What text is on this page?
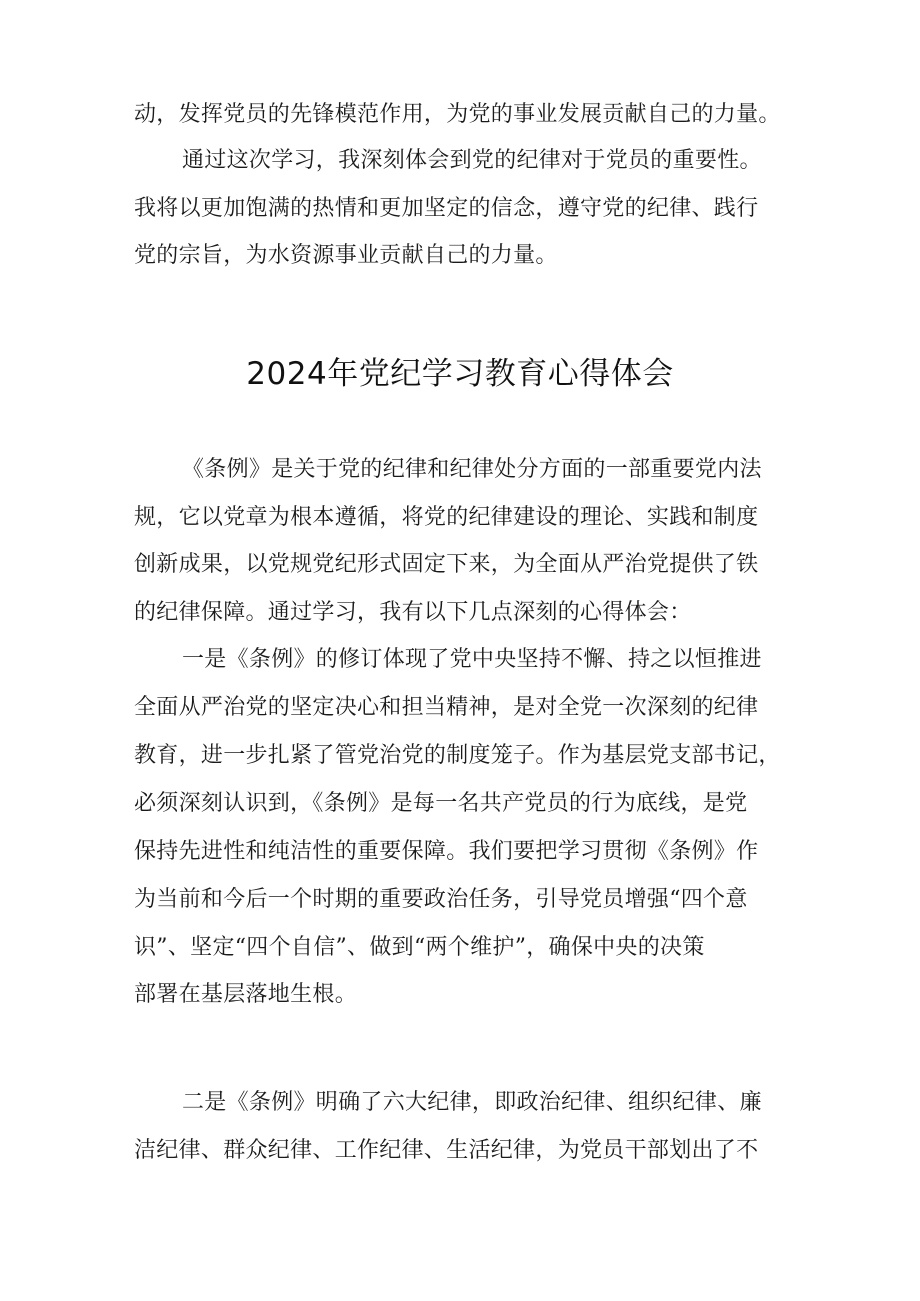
动，发挥党员的先锋模范作用，为党的事业发展贡献自己的力量。
通过这次学习，我深刻体会到党的纪律对于党员的重要性。
我将以更加饱满的热情和更加坚定的信念，遵守党的纪律、践行
党的宗旨，为水资源事业贡献自己的力量。
2024年党纪学习教育心得体会
《条例》是关于党的纪律和纪律处分方面的一部重要党内法
规，它以党章为根本遵循，将党的纪律建设的理论、实践和制度
创新成果，以党规党纪形式固定下来，为全面从严治党提供了铁
的纪律保障。通过学习，我有以下几点深刻的心得体会：
一是《条例》的修订体现了党中央坚持不懈、持之以恒推进
全面从严治党的坚定决心和担当精神，是对全党一次深刻的纪律
教育，进一步扎紧了管党治党的制度笼子。作为基层党支部书记，
必须深刻认识到，《条例》是每一名共产党员的行为底线，是党
保持先进性和纯洁性的重要保障。我们要把学习贯彻《条例》作
为当前和今后一个时期的重要政治任务，引导党员增强“四个意
识”、坚定“四个自信”、做到“两个维护”，确保中央的决策
部署在基层落地生根。
二是《条例》明确了六大纪律，即政治纪律、组织纪律、廉
洁纪律、群众纪律、工作纪律、生活纪律，为党员干部划出了不
